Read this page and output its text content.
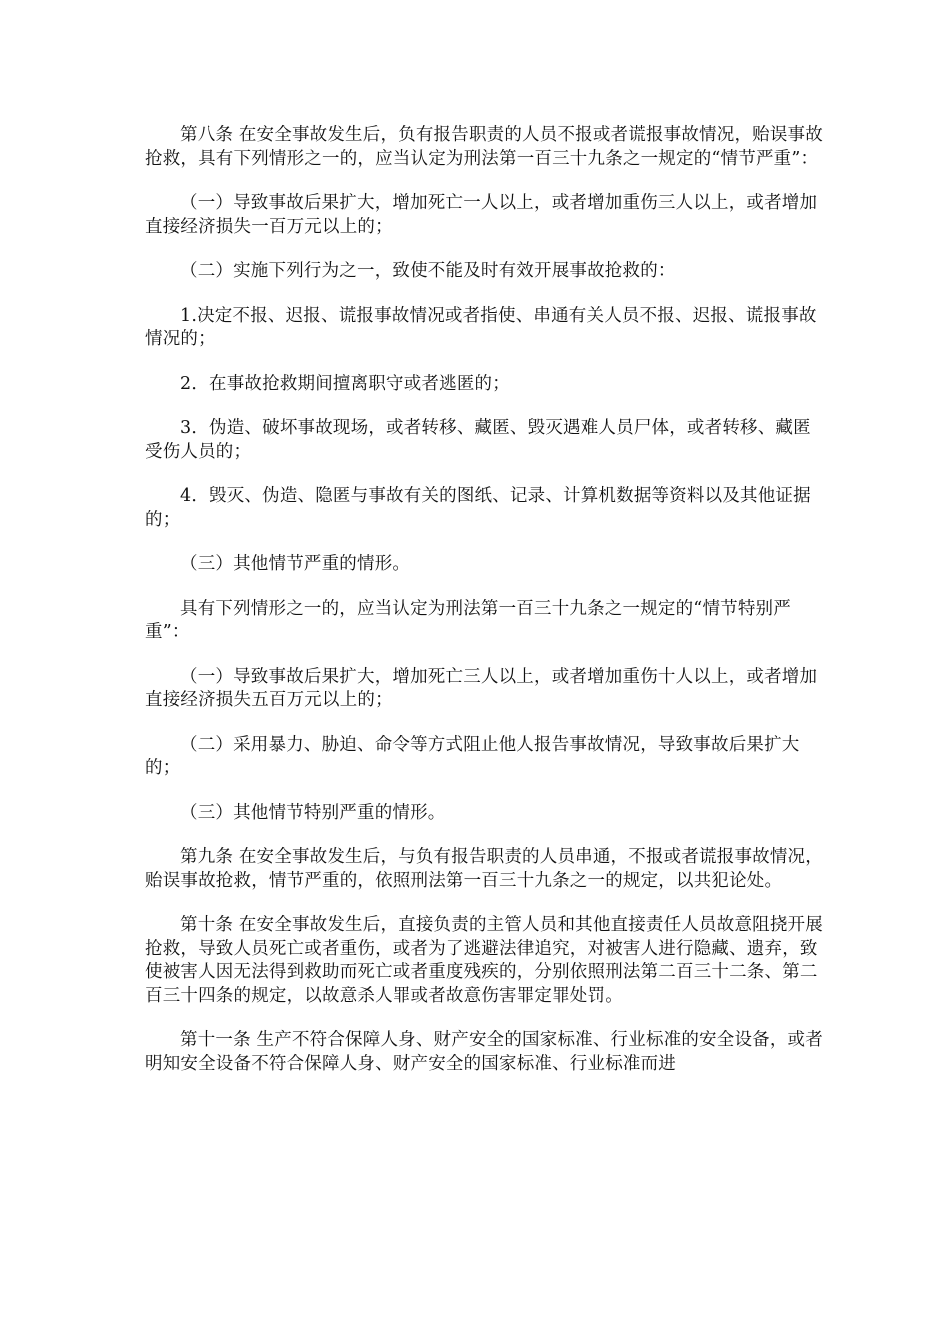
第八条 在安全事故发生后，负有报告职责的人员不报或者谎报事故情况，贻误事故抢救，具有下列情形之一的，应当认定为刑法第一百三十九条之一规定的“情节严重”：

（一）导致事故后果扩大，增加死亡一人以上，或者增加重伤三人以上，或者增加直接经济损失一百万元以上的；

（二）实施下列行为之一，致使不能及时有效开展事故抢救的：

1.决定不报、迟报、谎报事故情况或者指使、串通有关人员不报、迟报、谎报事故情况的；

2．在事故抢救期间擅离职守或者逃匿的；

3．伪造、破坏事故现场，或者转移、藏匿、毁灭遇难人员尸体，或者转移、藏匿受伤人员的；

4．毁灭、伪造、隐匿与事故有关的图纸、记录、计算机数据等资料以及其他证据的；

（三）其他情节严重的情形。

具有下列情形之一的，应当认定为刑法第一百三十九条之一规定的“情节特别严重”：

（一）导致事故后果扩大，增加死亡三人以上，或者增加重伤十人以上，或者增加直接经济损失五百万元以上的；

（二）采用暴力、胁迫、命令等方式阻止他人报告事故情况，导致事故后果扩大的；

（三）其他情节特别严重的情形。

第九条 在安全事故发生后，与负有报告职责的人员串通，不报或者谎报事故情况，贻误事故抢救，情节严重的，依照刑法第一百三十九条之一的规定，以共犯论处。

第十条 在安全事故发生后，直接负责的主管人员和其他直接责任人员故意阻挠开展抢救，导致人员死亡或者重伤，或者为了逃避法律追究，对被害人进行隐藏、遗弃，致使被害人因无法得到救助而死亡或者重度残疾的，分别依照刑法第二百三十二条、第二百三十四条的规定，以故意杀人罪或者故意伤害罪定罪处罚。

第十一条 生产不符合保障人身、财产安全的国家标准、行业标准的安全设备，或者明知安全设备不符合保障人身、财产安全的国家标准、行业标准而进
